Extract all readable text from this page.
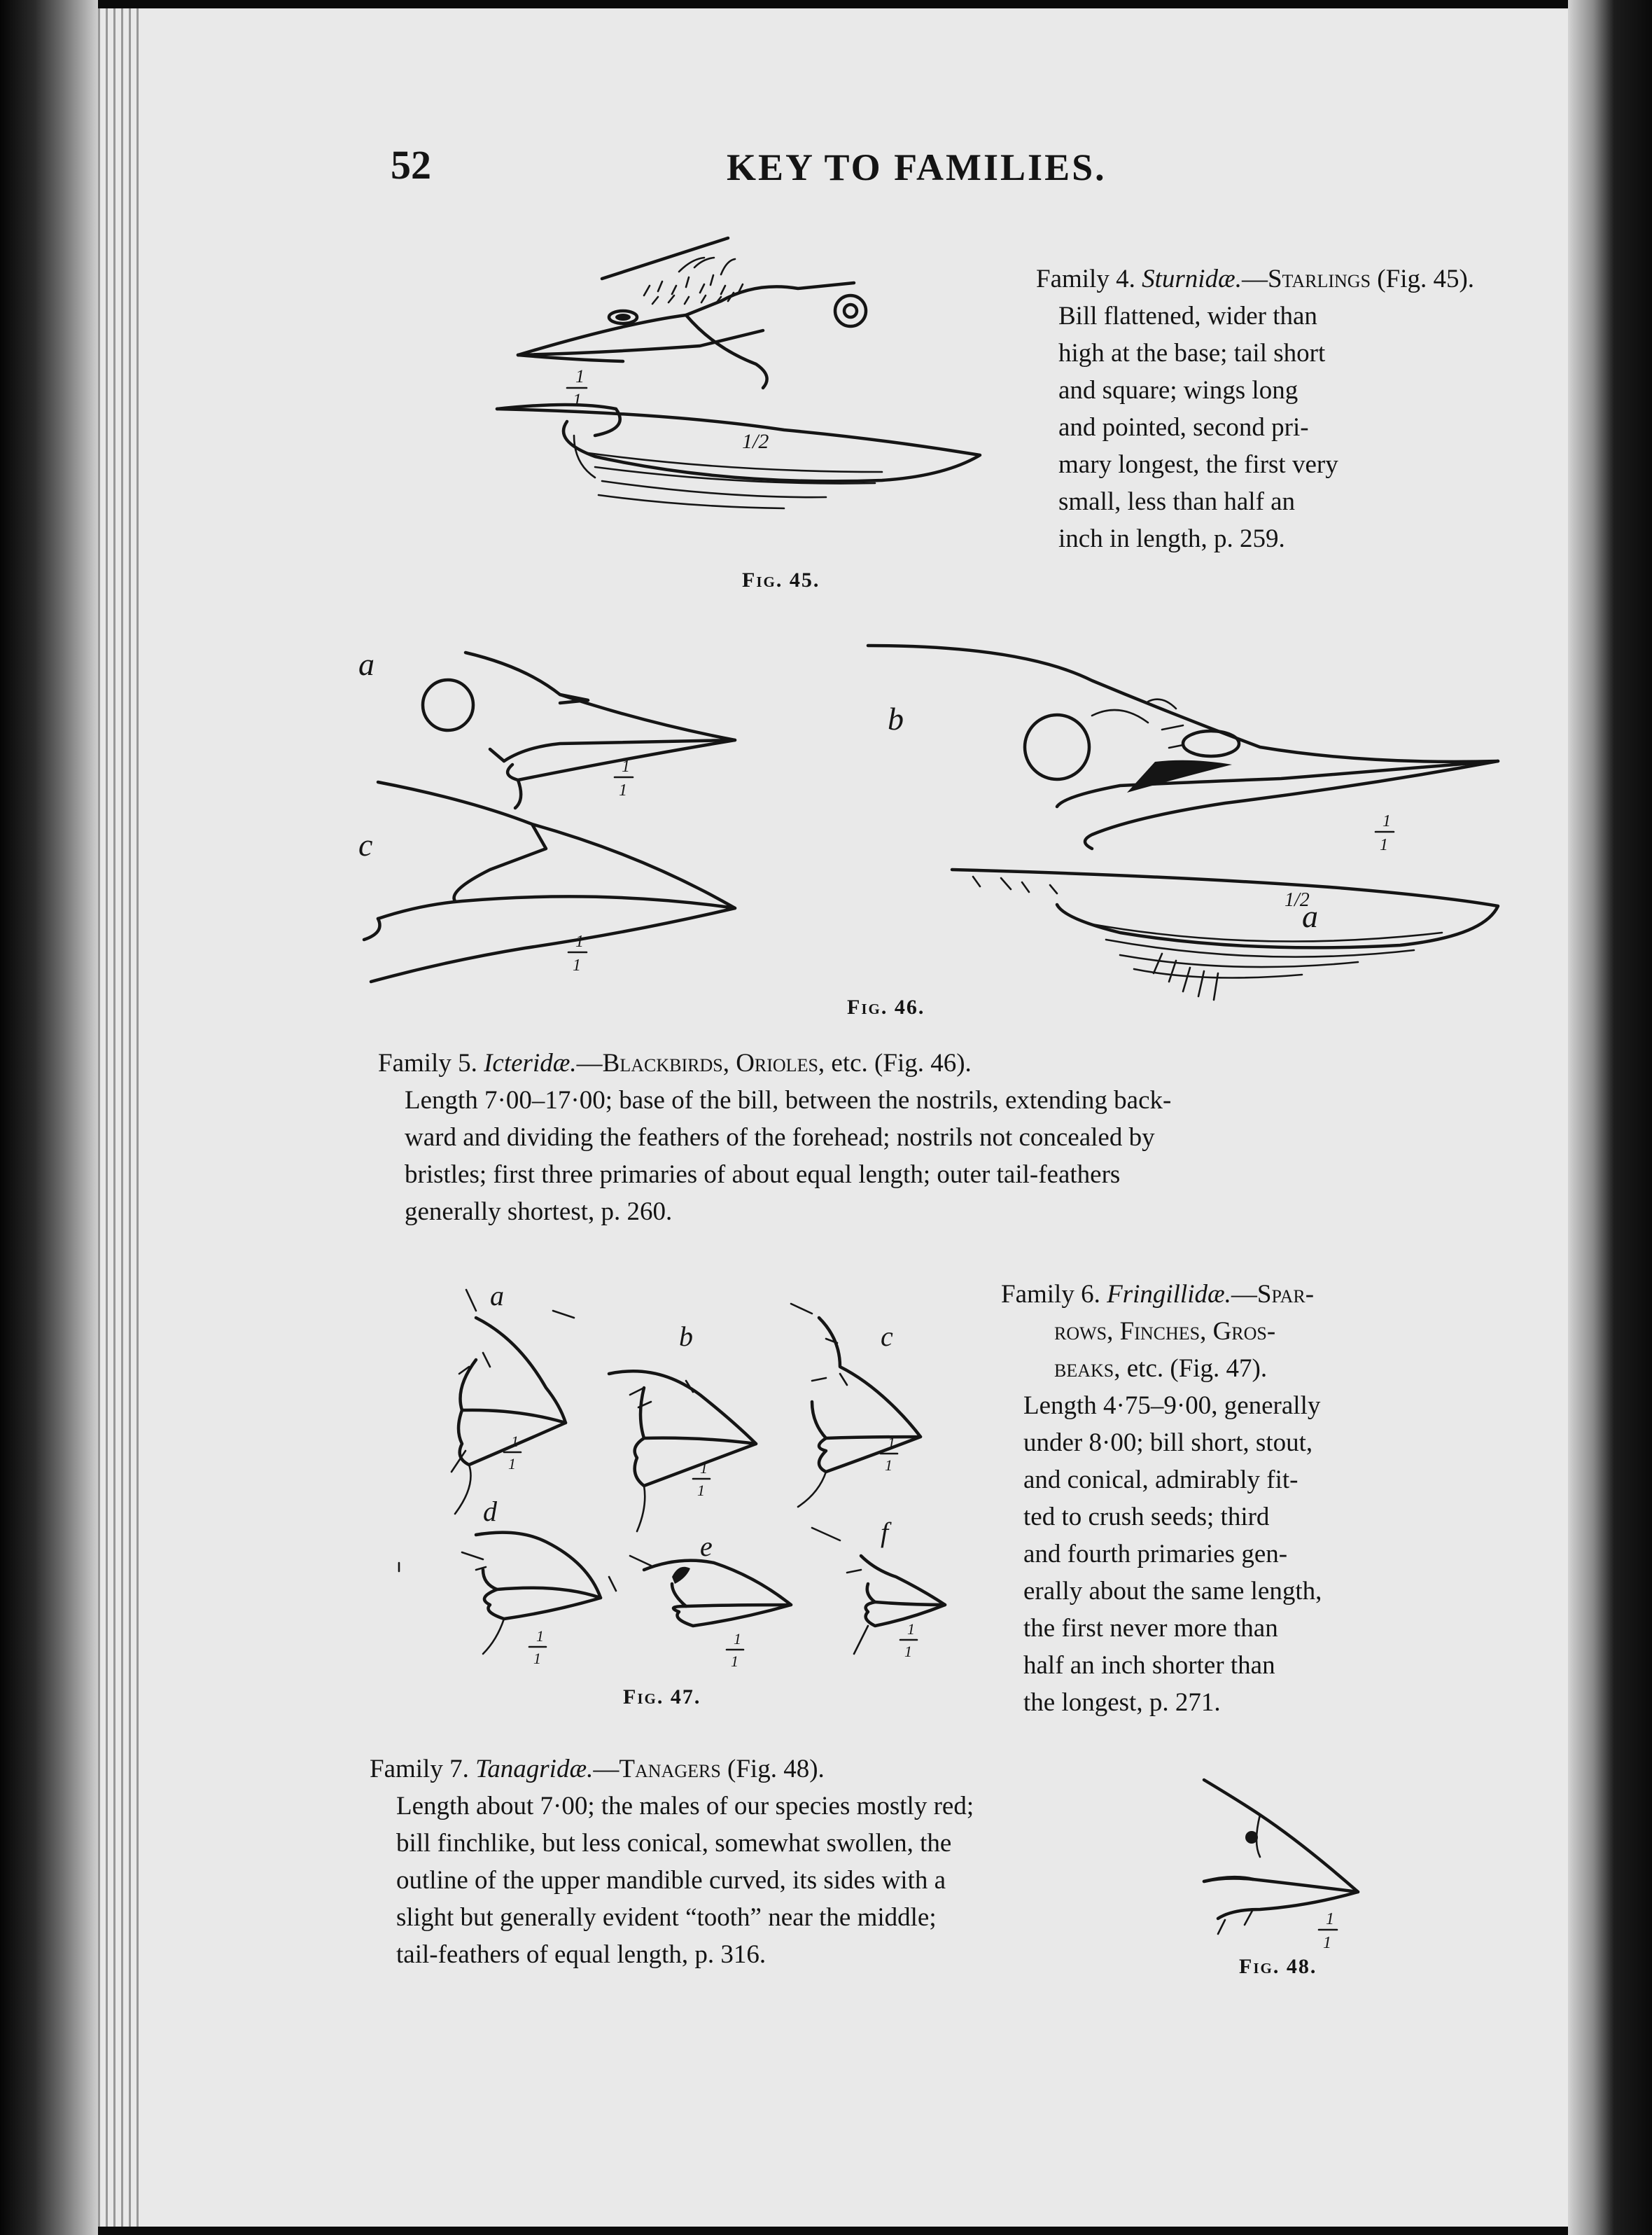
52	KEY TO FAMILIES.
1
1
1/2
Fig. 45.

Family 4. Sturnidæ.—Starlings (Fig. 45).

Bill flattened, wider than

high at the base; tail short

and square; wings long

and pointed, second pri-

mary longest, the first very

small, less than half an

inch in length, p. 259.

a
1
1
c
1
1
b
1
1
1/2
a
Fig. 46.

Family 5. Icteridæ.—Blackbirds, Orioles, etc. (Fig. 46).

Length 7·00–17·00; base of the bill, between the nostrils, extending back-

ward and dividing the feathers of the forehead; nostrils not concealed by

bristles; first three primaries of about equal length; outer tail-feathers

generally shortest, p. 260.

a
1
1
b
1
1
c
1
1
d
1
1
e
1
1
f
1
1
Fig. 47.

Family 6. Fringillidæ.—Spar-

rows, Finches, Gros-

beaks, etc. (Fig. 47).

Length 4·75–9·00, generally

under 8·00; bill short, stout,

and conical, admirably fit-

ted to crush seeds; third

and fourth primaries gen-

erally about the same length,

the first never more than

half an inch shorter than

the longest, p. 271.

Family 7. Tanagridæ.—Tanagers (Fig. 48).

Length about 7·00; the males of our species mostly red;

bill finchlike, but less conical, somewhat swollen, the

outline of the upper mandible curved, its sides with a

slight but generally evident “tooth” near the middle;

tail-feathers of equal length, p. 316.

1
1
Fig. 48.
